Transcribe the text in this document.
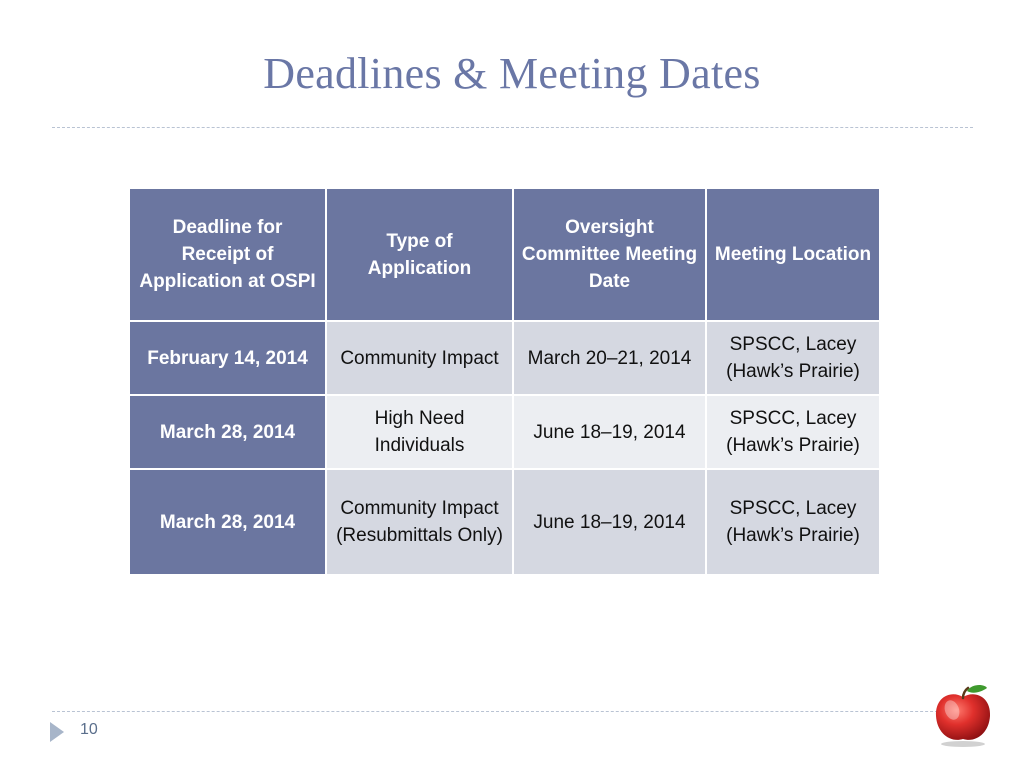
Deadlines & Meeting Dates
Deadline for Receipt of Application at OSPI	Type of Application	Oversight Committee Meeting Date	Meeting Location
February 14, 2014	Community Impact	March 20–21, 2014	SPSCC, Lacey (Hawk’s Prairie)
March 28, 2014	High Need Individuals	June 18–19, 2014	SPSCC, Lacey (Hawk’s Prairie)
March 28, 2014	Community Impact (Resubmittals Only)	June 18–19, 2014	SPSCC, Lacey (Hawk’s Prairie)
10
